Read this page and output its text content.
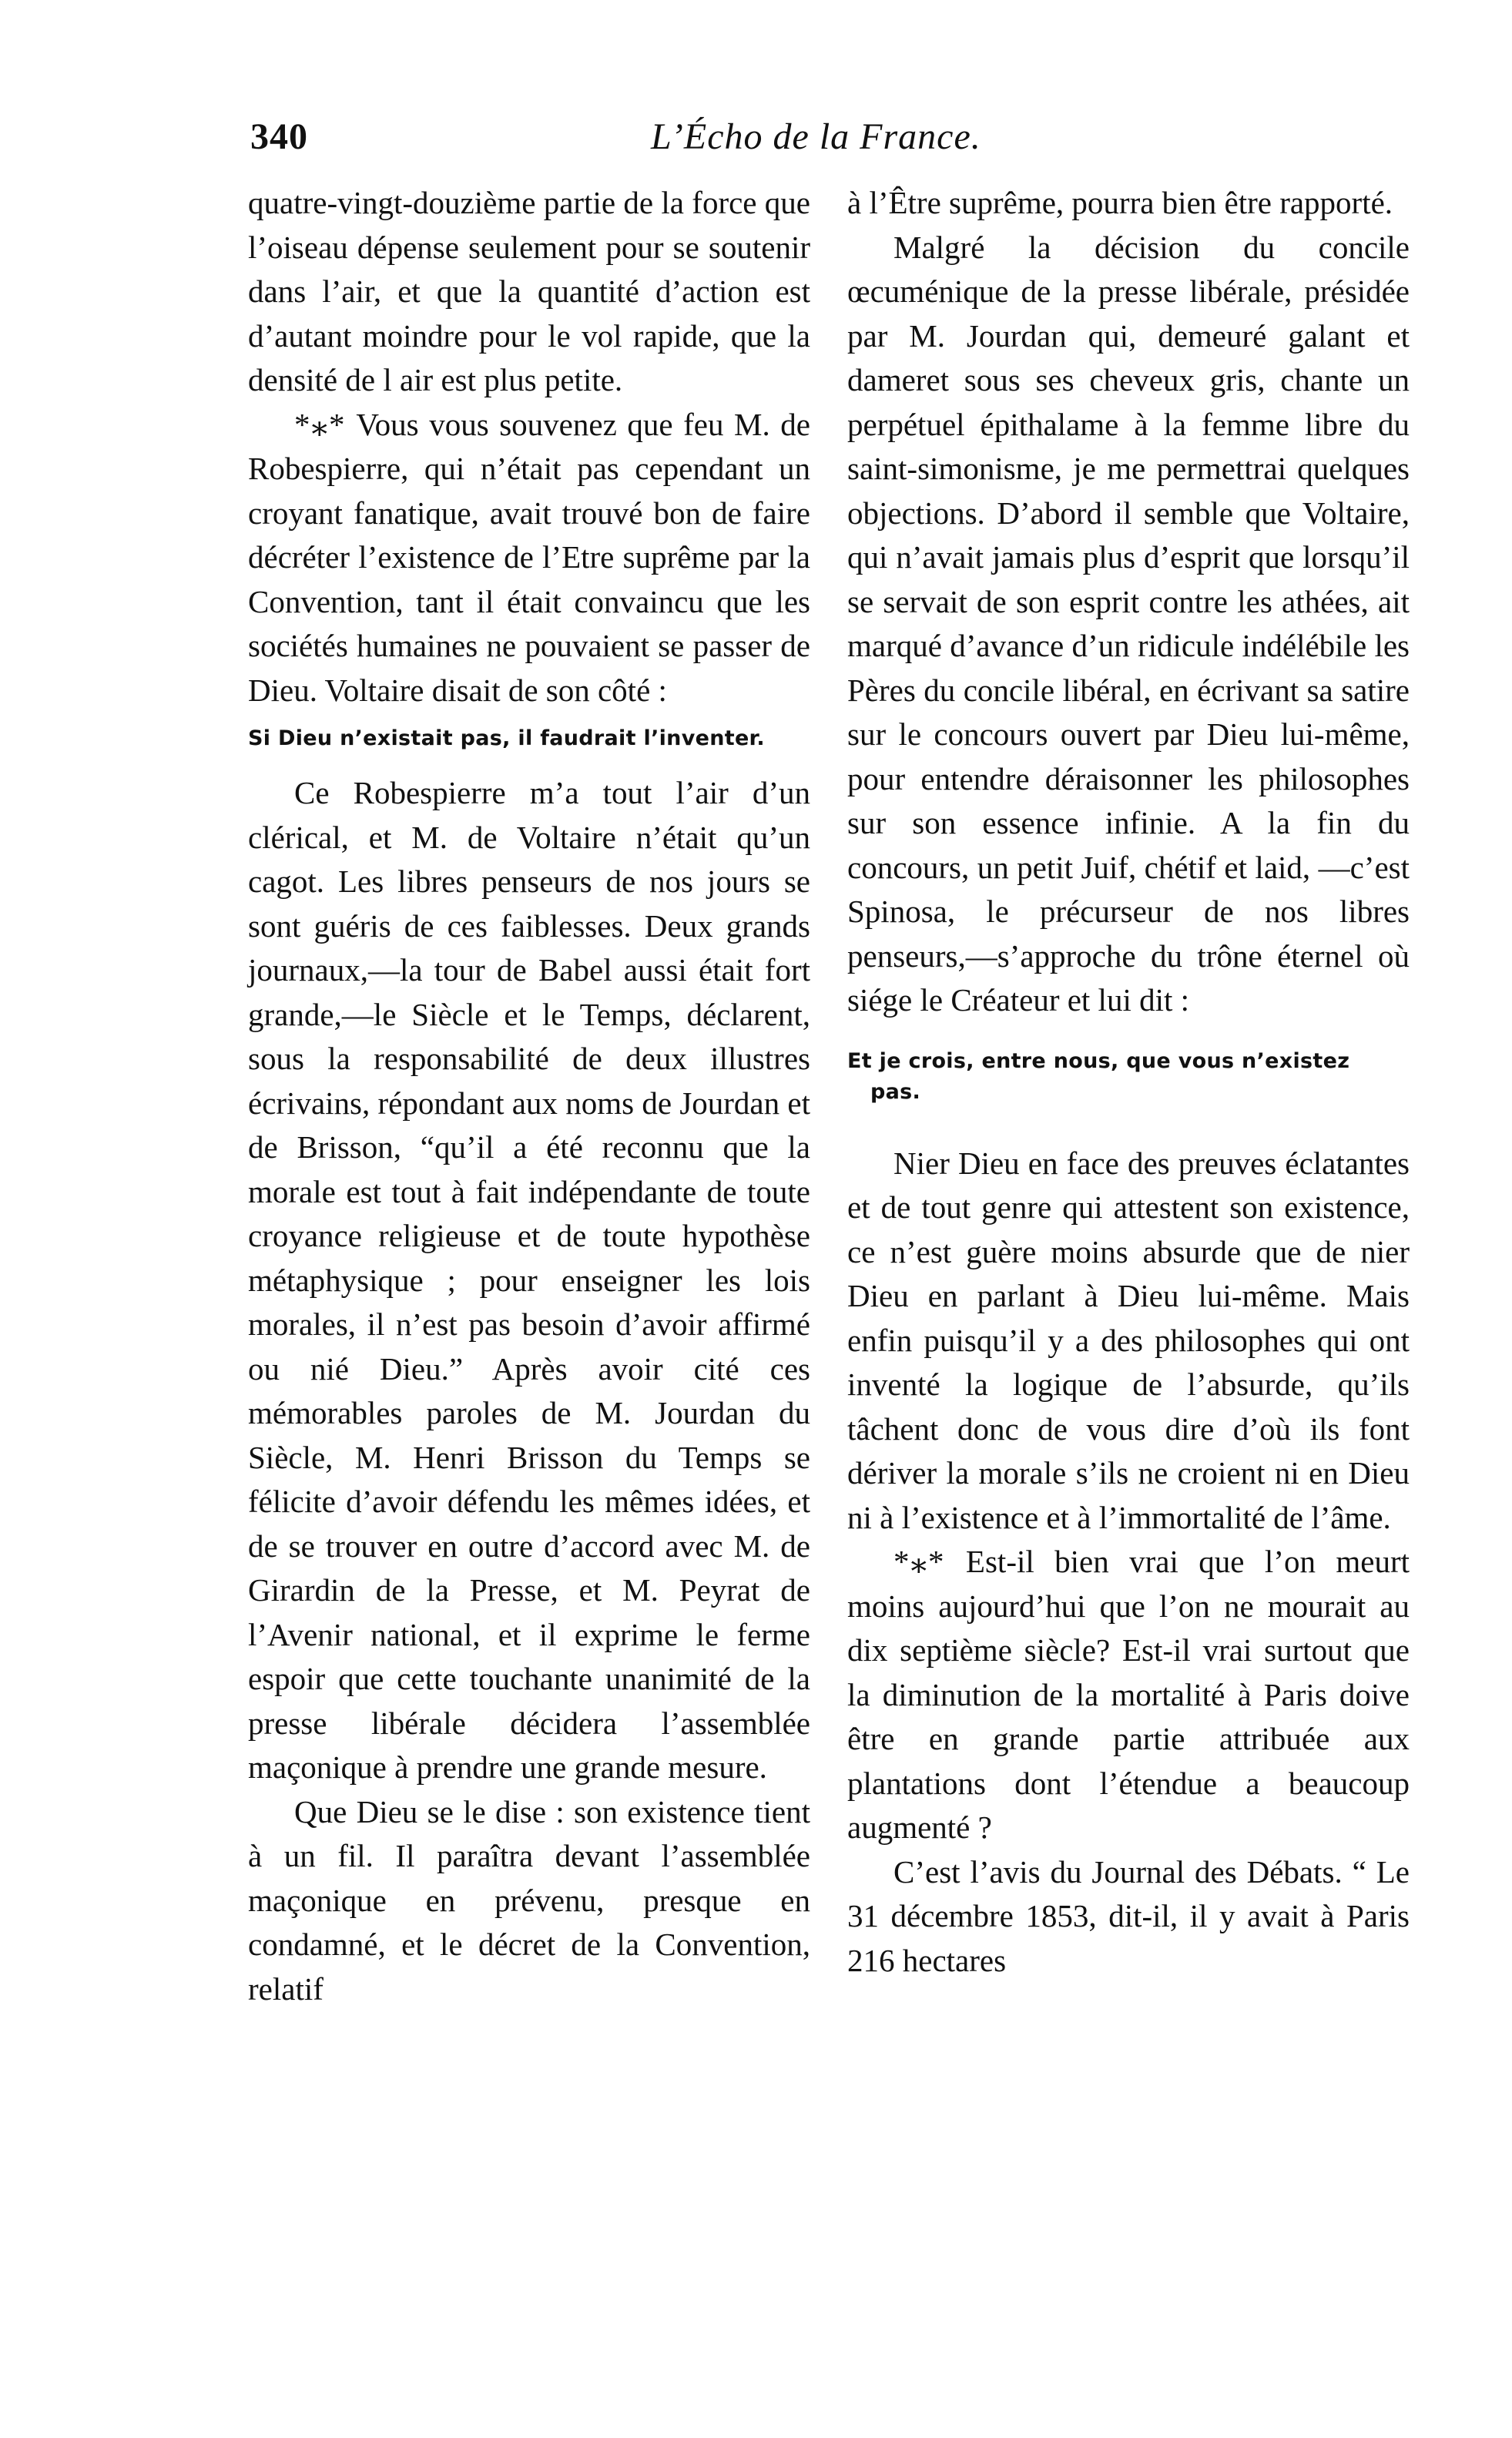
340	L’Écho de la France.

quatre-vingt-douzième partie de la force que l’oiseau dépense seulement pour se soutenir dans l’air, et que la quantité d’action est d’autant moindre pour le vol rapide, que la densité de l air est plus petite.

*⁎* Vous vous souvenez que feu M. de Robespierre, qui n’était pas cependant un croyant fanatique, avait trouvé bon de faire décréter l’existence de l’Etre suprême par la Convention, tant il était convaincu que les sociétés humaines ne pouvaient se passer de Dieu. Voltaire disait de son côté :

Si Dieu n’existait pas, il faudrait l’inventer.

Ce Robespierre m’a tout l’air d’un clérical, et M. de Voltaire n’était qu’un cagot. Les libres penseurs de nos jours se sont guéris de ces faiblesses. Deux grands journaux,—la tour de Babel aussi était fort grande,—le Siècle et le Temps, déclarent, sous la responsabilité de deux illustres écrivains, répondant aux noms de Jourdan et de Brisson, “qu’il a été reconnu que la morale est tout à fait indépendante de toute croyance religieuse et de toute hypothèse métaphysique ; pour enseigner les lois morales, il n’est pas besoin d’avoir affirmé ou nié Dieu.” Après avoir cité ces mémorables paroles de M. Jourdan du Siècle, M. Henri Brisson du Temps se félicite d’avoir défendu les mêmes idées, et de se trouver en outre d’accord avec M. de Girardin de la Presse, et M. Peyrat de l’Avenir national, et il exprime le ferme espoir que cette touchante unanimité de la presse libérale décidera l’assemblée maçonique à prendre une grande mesure.

Que Dieu se le dise : son existence tient à un fil. Il paraîtra devant l’assemblée maçonique en prévenu, presque en condamné, et le décret de la Convention, relatif

à l’Être suprême, pourra bien être rapporté.

Malgré la décision du concile œcuménique de la presse libérale, présidée par M. Jourdan qui, demeuré galant et dameret sous ses cheveux gris, chante un perpétuel épithalame à la femme libre du saint-simonisme, je me permettrai quelques objections. D’abord il semble que Voltaire, qui n’avait jamais plus d’esprit que lorsqu’il se servait de son esprit contre les athées, ait marqué d’avance d’un ridicule indélébile les Pères du concile libéral, en écrivant sa satire sur le concours ouvert par Dieu lui-même, pour entendre déraisonner les philosophes sur son essence infinie. A la fin du concours, un petit Juif, chétif et laid, —c’est Spinosa, le précurseur de nos libres penseurs,—s’approche du trône éternel où siége le Créateur et lui dit :

Et je crois, entre nous, que vous n’existez
pas.

Nier Dieu en face des preuves éclatantes et de tout genre qui attestent son existence, ce n’est guère moins absurde que de nier Dieu en parlant à Dieu lui-même. Mais enfin puisqu’il y a des philosophes qui ont inventé la logique de l’absurde, qu’ils tâchent donc de vous dire d’où ils font dériver la morale s’ils ne croient ni en Dieu ni à l’existence et à l’immortalité de l’âme.

*⁎* Est-il bien vrai que l’on meurt moins aujourd’hui que l’on ne mourait au dix septième siècle? Est-il vrai surtout que la diminution de la mortalité à Paris doive être en grande partie attribuée aux plantations dont l’étendue a beaucoup augmenté ?

C’est l’avis du Journal des Débats. “ Le 31 décembre 1853, dit-il, il y avait à Paris 216 hectares
